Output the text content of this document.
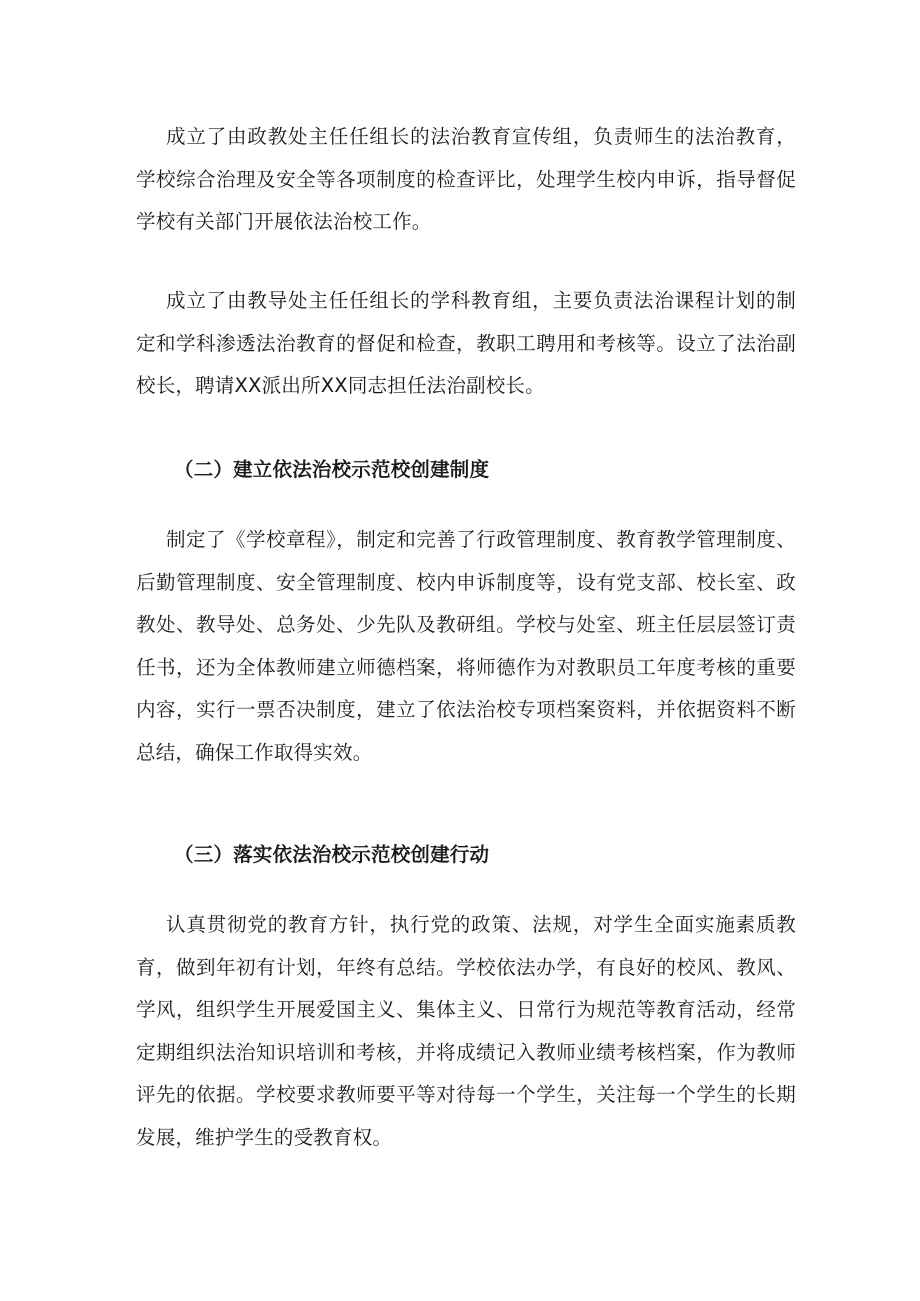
成立了由政教处主任任组长的法治教育宣传组，负责师生的法治教育，学校综合治理及安全等各项制度的检查评比，处理学生校内申诉，指导督促学校有关部门开展依法治校工作。

成立了由教导处主任任组长的学科教育组，主要负责法治课程计划的制定和学科渗透法治教育的督促和检查，教职工聘用和考核等。设立了法治副校长，聘请XX派出所XX同志担任法治副校长。

（二）建立依法治校示范校创建制度

制定了《学校章程》，制定和完善了行政管理制度、教育教学管理制度、后勤管理制度、安全管理制度、校内申诉制度等，设有党支部、校长室、政教处、教导处、总务处、少先队及教研组。学校与处室、班主任层层签订责任书，还为全体教师建立师德档案，将师德作为对教职员工年度考核的重要内容，实行一票否决制度，建立了依法治校专项档案资料，并依据资料不断总结，确保工作取得实效。

（三）落实依法治校示范校创建行动

认真贯彻党的教育方针，执行党的政策、法规，对学生全面实施素质教育，做到年初有计划，年终有总结。学校依法办学，有良好的校风、教风、学风，组织学生开展爱国主义、集体主义、日常行为规范等教育活动，经常定期组织法治知识培训和考核，并将成绩记入教师业绩考核档案，作为教师评先的依据。学校要求教师要平等对待每一个学生，关注每一个学生的长期发展，维护学生的受教育权。
